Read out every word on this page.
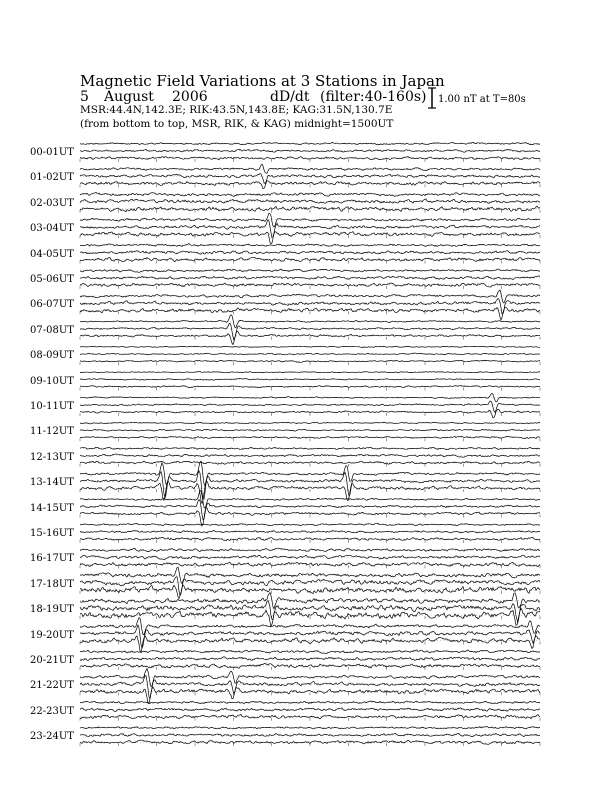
Magnetic Field Variations at 3 Stations in Japan
5 August 2006	dD/dt (filter:40-160s)
MSR:44.4N,142.3E; RIK:43.5N,143.8E; KAG:31.5N,130.7E
(from bottom to top, MSR, RIK, & KAG) midnight=1500UT
1.00 nT at T=80s
00-01UT
01-02UT
02-03UT
03-04UT
04-05UT
05-06UT
06-07UT
07-08UT
08-09UT
09-10UT
10-11UT
11-12UT
12-13UT
13-14UT
14-15UT
15-16UT
16-17UT
17-18UT
18-19UT
19-20UT
20-21UT
21-22UT
22-23UT
23-24UT
